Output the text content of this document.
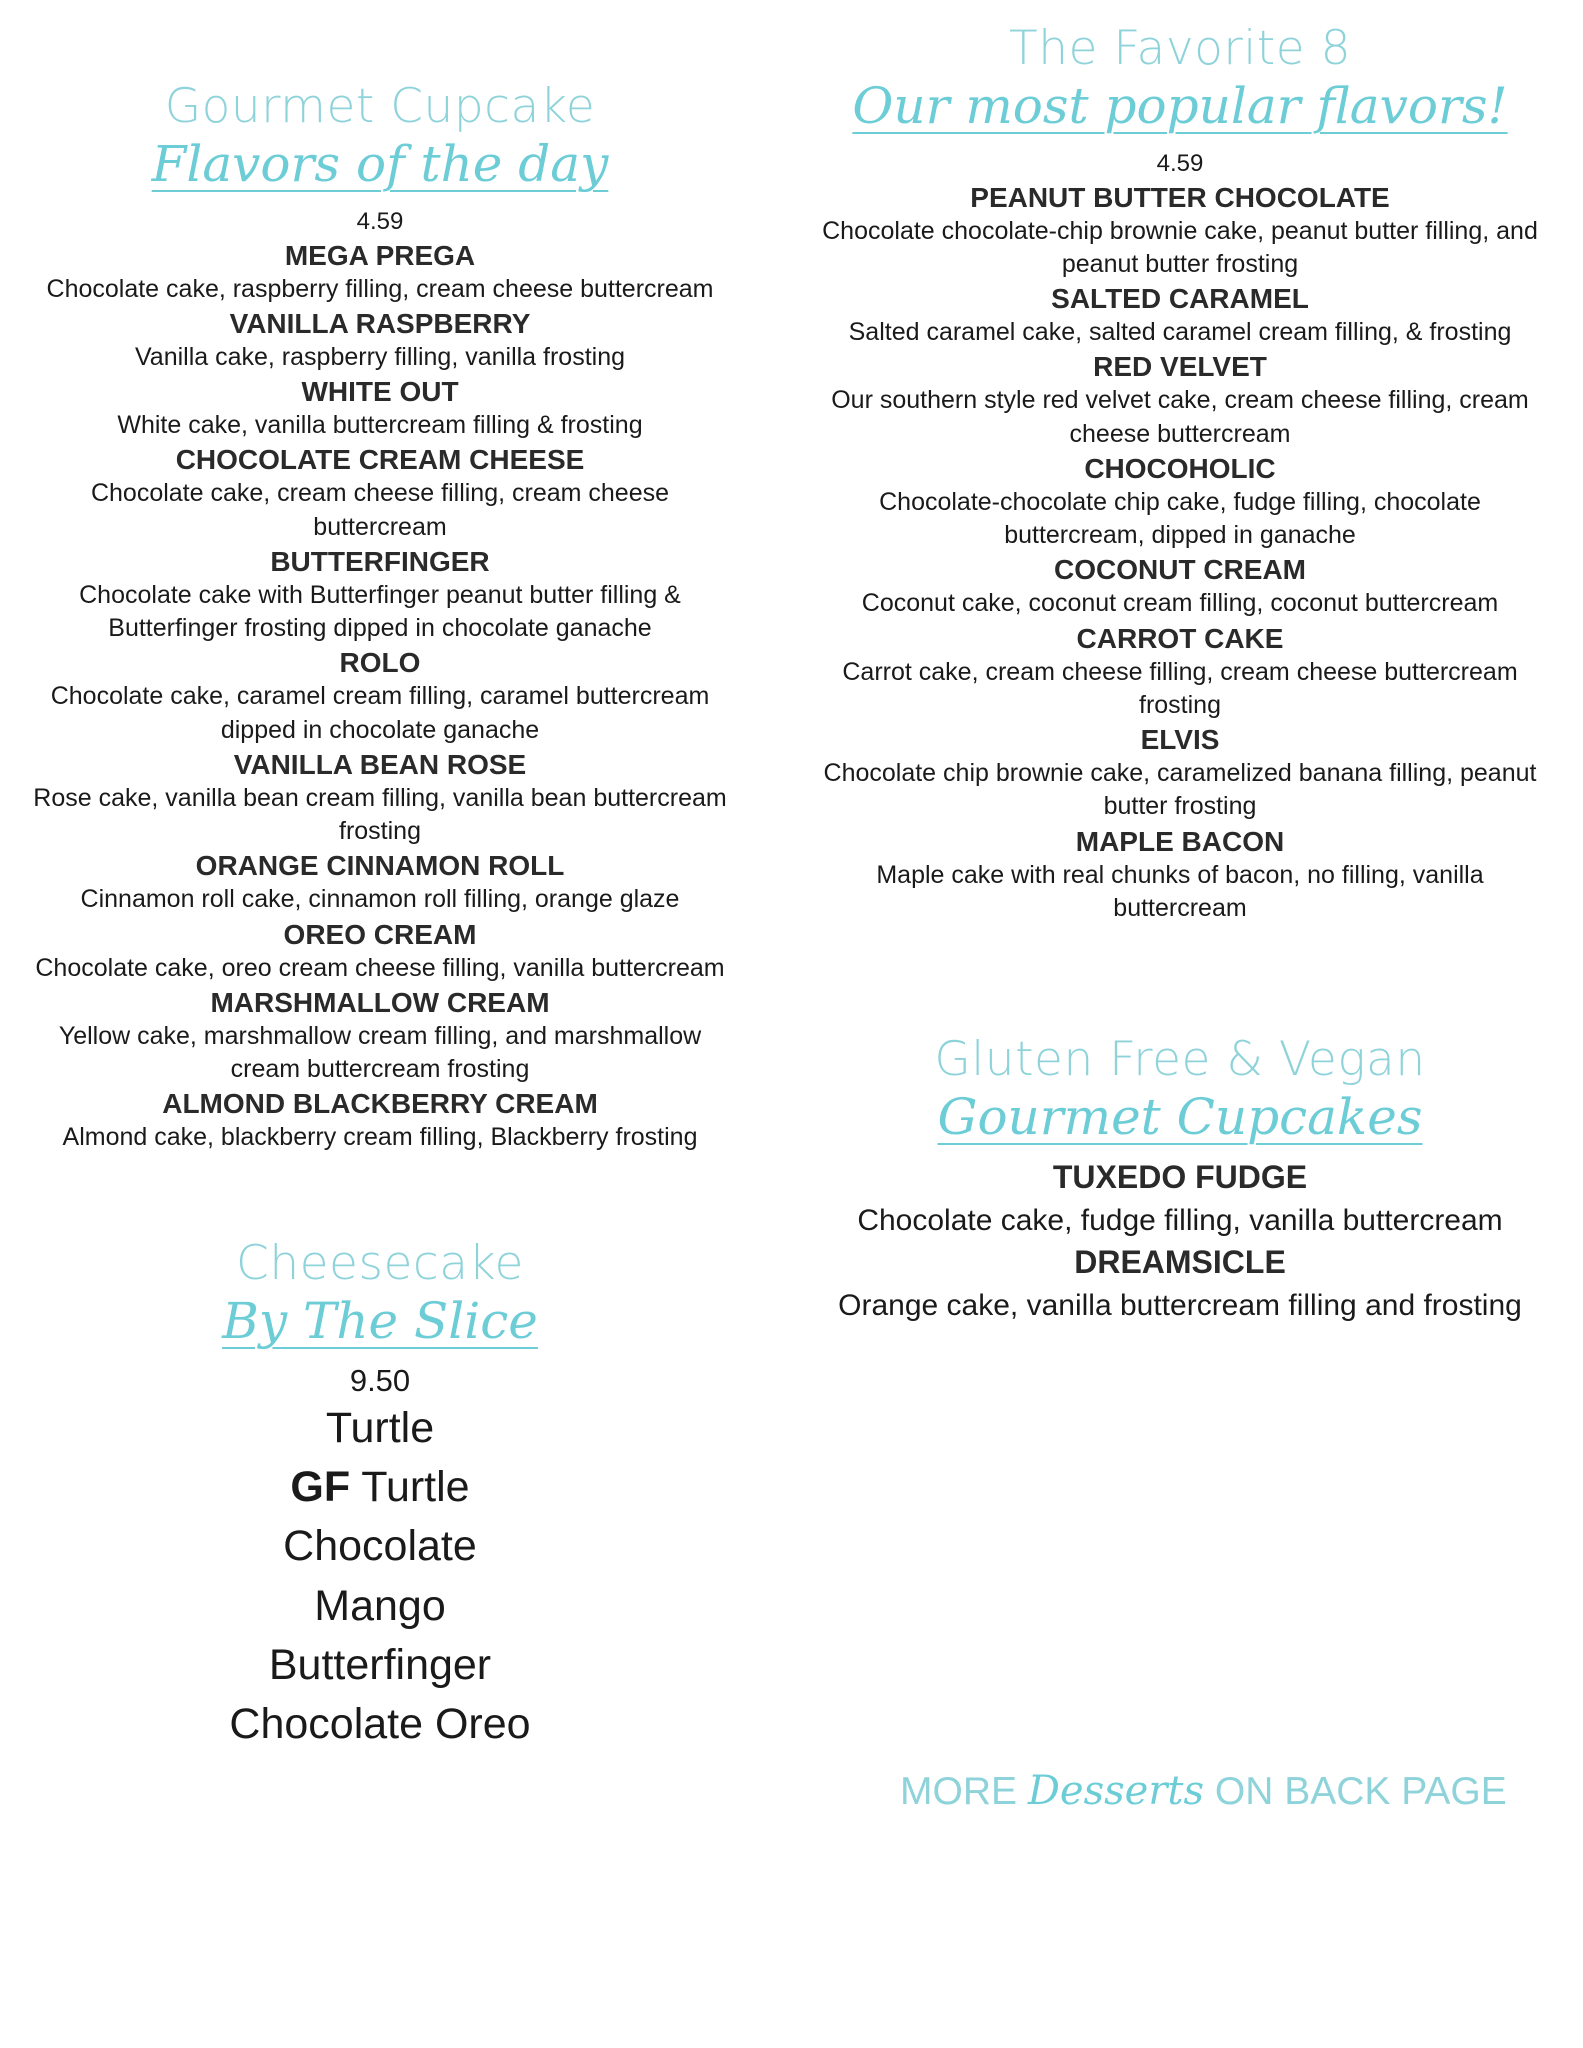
Gourmet Cupcake
Flavors of the day
4.59
MEGA PREGA
Chocolate cake, raspberry filling, cream cheese buttercream
VANILLA RASPBERRY
Vanilla cake, raspberry filling, vanilla frosting
WHITE OUT
White cake, vanilla buttercream filling & frosting
CHOCOLATE CREAM CHEESE
Chocolate cake, cream cheese filling, cream cheese buttercream
BUTTERFINGER
Chocolate cake with Butterfinger peanut butter filling & Butterfinger frosting dipped in chocolate ganache
ROLO
Chocolate cake, caramel cream filling, caramel buttercream dipped in chocolate ganache
VANILLA BEAN ROSE
Rose cake, vanilla bean cream filling, vanilla bean buttercream frosting
ORANGE CINNAMON ROLL
Cinnamon roll cake, cinnamon roll filling, orange glaze
OREO CREAM
Chocolate cake, oreo cream cheese filling, vanilla buttercream
MARSHMALLOW CREAM
Yellow cake, marshmallow cream filling, and marshmallow cream buttercream frosting
ALMOND BLACKBERRY CREAM
Almond cake, blackberry cream filling, Blackberry frosting
Cheesecake
By The Slice
9.50
Turtle
GF Turtle
Chocolate
Mango
Butterfinger
Chocolate Oreo
The Favorite 8
Our most popular flavors!
4.59
PEANUT BUTTER CHOCOLATE
Chocolate chocolate-chip brownie cake, peanut butter filling, and peanut butter frosting
SALTED CARAMEL
Salted caramel cake, salted caramel cream filling, & frosting
RED VELVET
Our southern style red velvet cake, cream cheese filling, cream cheese buttercream
CHOCOHOLIC
Chocolate-chocolate chip cake, fudge filling, chocolate buttercream, dipped in ganache
COCONUT CREAM
Coconut cake, coconut cream filling, coconut buttercream
CARROT CAKE
Carrot cake, cream cheese filling, cream cheese buttercream frosting
ELVIS
Chocolate chip brownie cake, caramelized banana filling, peanut butter frosting
MAPLE BACON
Maple cake with real chunks of bacon, no filling, vanilla buttercream
Gluten Free & Vegan
Gourmet Cupcakes
TUXEDO FUDGE
Chocolate cake, fudge filling, vanilla buttercream
DREAMSICLE
Orange cake, vanilla buttercream filling and frosting
MORE Desserts ON BACK PAGE
